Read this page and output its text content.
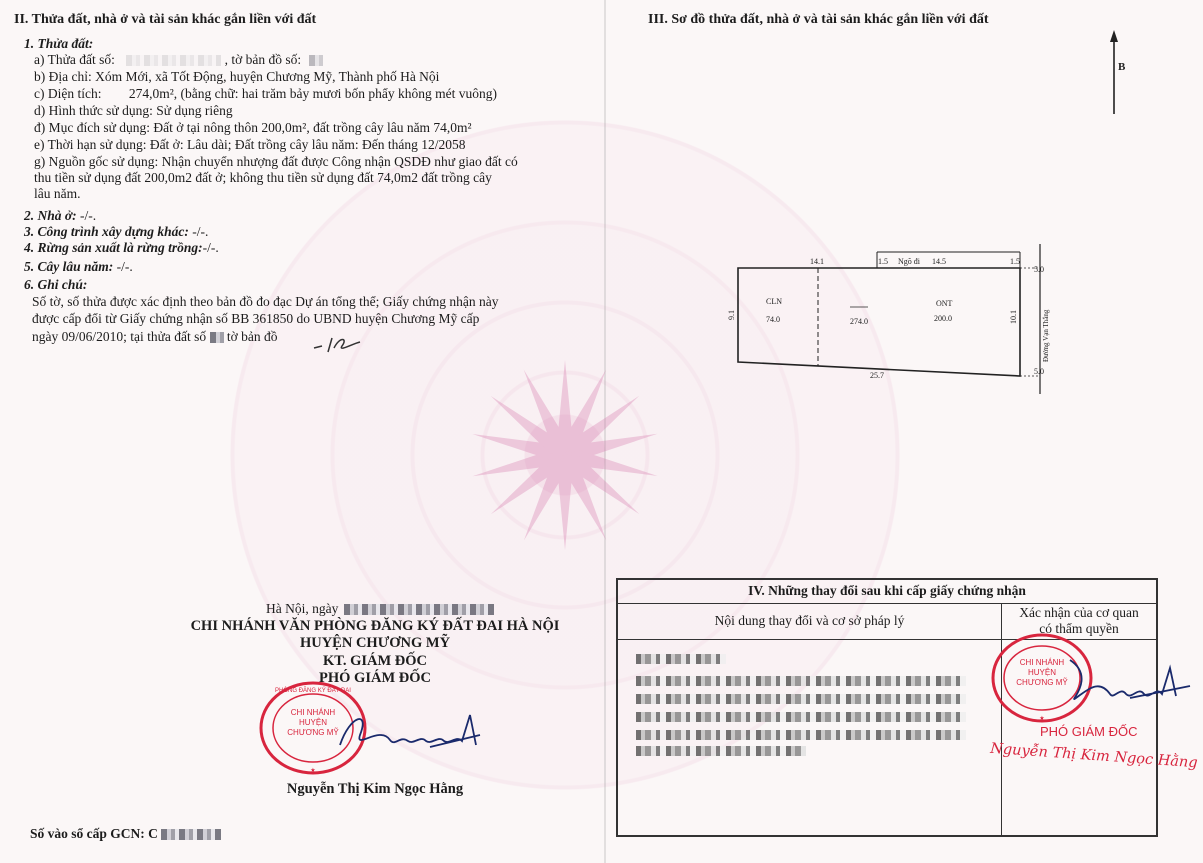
II. Thửa đất, nhà ở và tài sản khác gắn liền với đất
1. Thửa đất:
a) Thửa đất số:	, tờ bản đồ số:
b) Địa chỉ: Xóm Mới, xã Tốt Động, huyện Chương Mỹ, Thành phố Hà Nội
c) Diện tích: 274,0m², (bằng chữ: hai trăm bảy mươi bốn phẩy không mét vuông)
d) Hình thức sử dụng: Sử dụng riêng
đ) Mục đích sử dụng: Đất ở tại nông thôn 200,0m², đất trồng cây lâu năm 74,0m²
e) Thời hạn sử dụng: Đất ở: Lâu dài; Đất trồng cây lâu năm: Đến tháng 12/2058
g) Nguồn gốc sử dụng: Nhận chuyển nhượng đất được Công nhận QSDĐ như giao đất có
thu tiền sử dụng đất 200,0m2 đất ở; không thu tiền sử dụng đất 74,0m2 đất trồng cây
lâu năm.
2. Nhà ở: -/-.
3. Công trình xây dựng khác: -/-.
4. Rừng sản xuất là rừng trồng:-/-.
5. Cây lâu năm: -/-.
6. Ghi chú:
Số tờ, số thửa được xác định theo bản đồ đo đạc Dự án tổng thể; Giấy chứng nhận này
được cấp đổi từ Giấy chứng nhận số BB 361850 do UBND huyện Chương Mỹ cấp
ngày 09/06/2010; tại thửa đất số  tờ bản đồ
Hà Nội, ngày
CHI NHÁNH VĂN PHÒNG ĐĂNG KÝ ĐẤT ĐAI HÀ NỘI
HUYỆN CHƯƠNG MỸ
KT. GIÁM ĐỐC
PHÓ GIÁM ĐỐC
PHÒNG ĐĂNG KÝ ĐẤT ĐAI
★
CHI NHÁNH
HUYỆN
CHƯƠNG MỸ
Nguyễn Thị Kim Ngọc Hằng
Số vào sổ cấp GCN: C
III. Sơ đồ thửa đất, nhà ở và tài sản khác gắn liền với đất
B
14.1	1.5 Ngõ đi 14.5	1.5
5.0
5.0
9.1	10.1
25.7
Đường Vạn Thắng
CLN
74.0	274.0
ONT
200.0
IV. Những thay đổi sau khi cấp giấy chứng nhận	
Nội dung thay đổi và cơ sở pháp lý	Xác nhận của cơ quan
có thẩm quyền

★
CHI NHÁNH
HUYỆN
CHƯƠNG MỸ
PHÓ GIÁM ĐỐC
Nguyễn Thị Kim Ngọc Hằng
